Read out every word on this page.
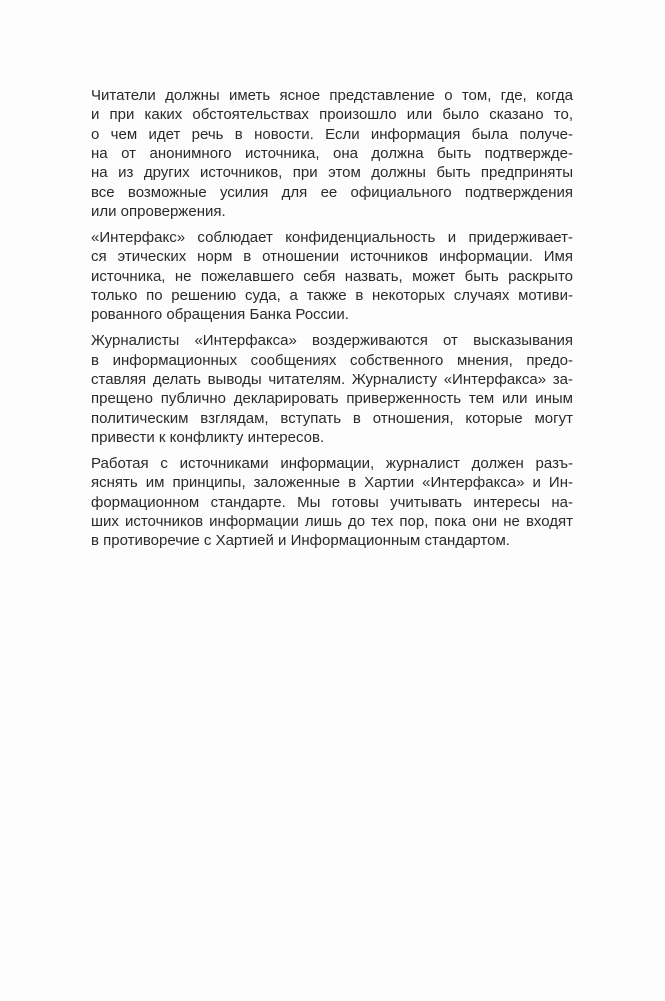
Читатели должны иметь ясное представление о том, где, когда
и при каких обстоятельствах произошло или было сказано то,
о чем идет речь в новости. Если информация была получе-
на от анонимного источника, она должна быть подтвержде-
на из других источников, при этом должны быть предприняты
все возможные усилия для ее официального подтверждения
или опровержения.
«Интерфакс» соблюдает конфиденциальность и придерживает-
ся этических норм в отношении источников информации. Имя
источника, не пожелавшего себя назвать, может быть раскрыто
только по решению суда, а также в некоторых случаях мотиви-
рованного обращения Банка России.
Журналисты «Интерфакса» воздерживаются от высказывания
в информационных сообщениях собственного мнения, предо-
ставляя делать выводы читателям. Журналисту «Интерфакса» за-
прещено публично декларировать приверженность тем или иным
политическим взглядам, вступать в отношения, которые могут
привести к конфликту интересов.
Работая с источниками информации, журналист должен разъ-
яснять им принципы, заложенные в Хартии «Интерфакса» и Ин-
формационном стандарте. Мы готовы учитывать интересы на-
ших источников информации лишь до тех пор, пока они не входят
в противоречие с Хартией и Информационным стандартом.
